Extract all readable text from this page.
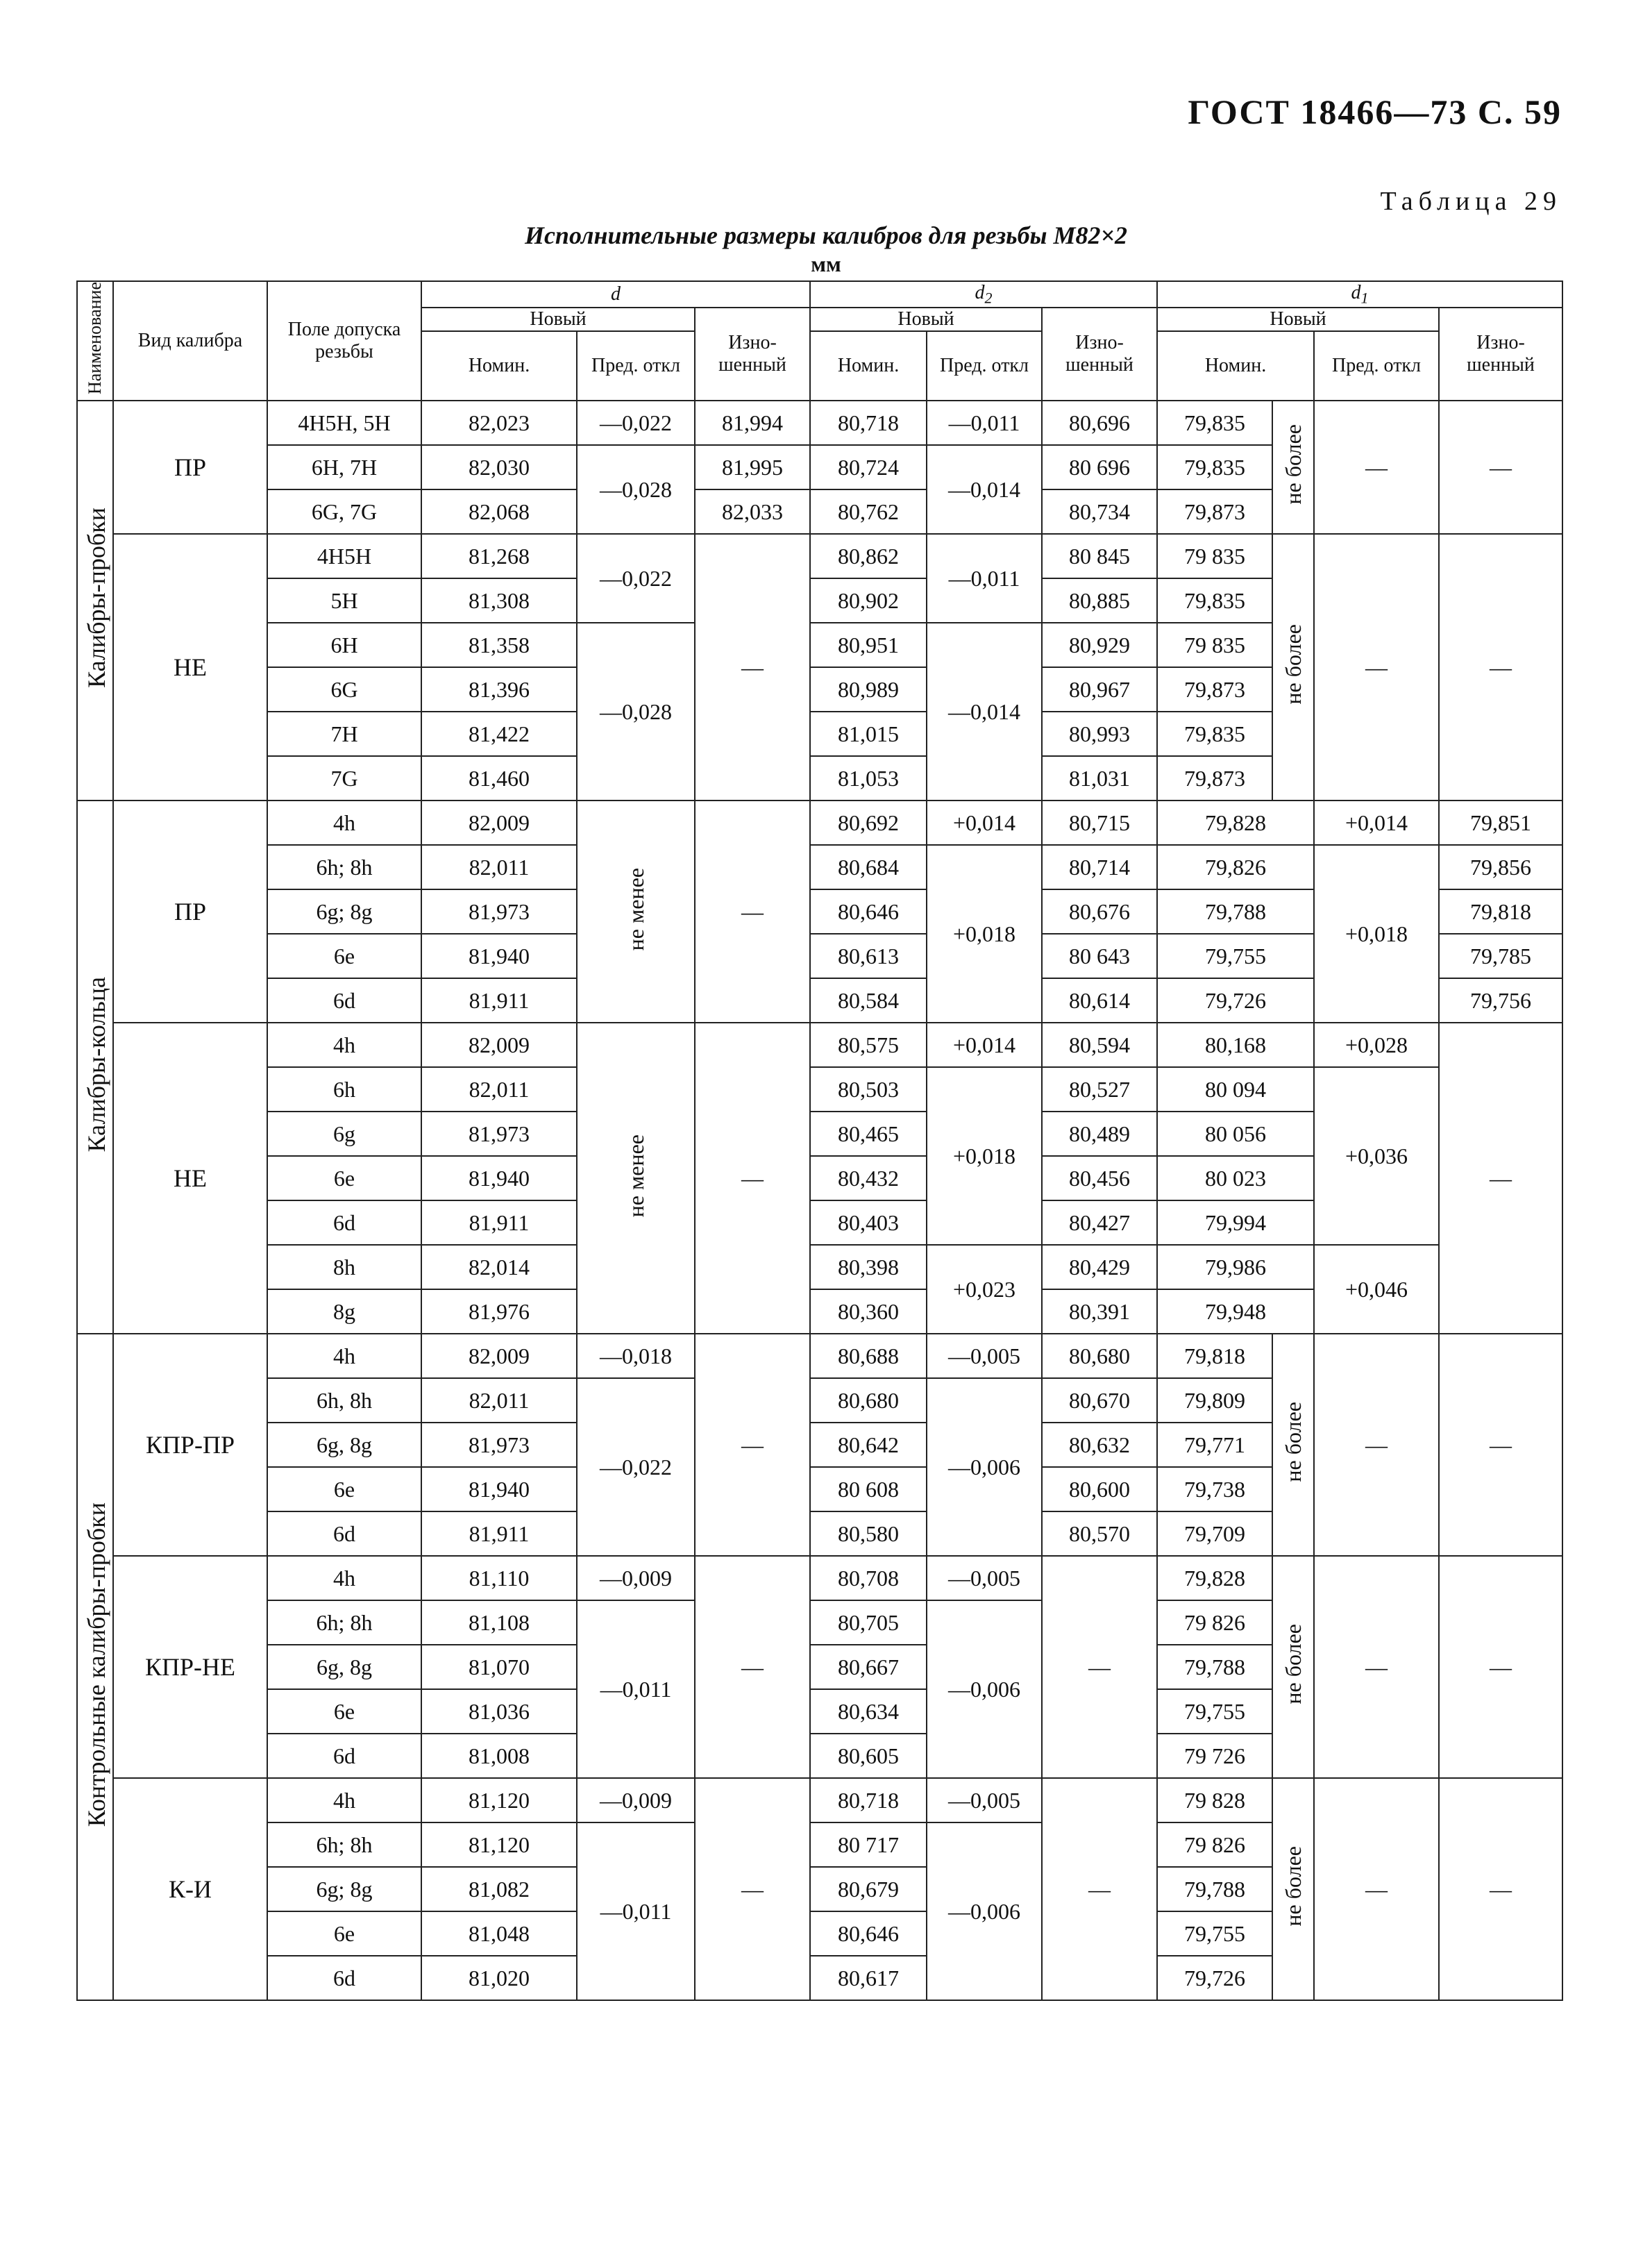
ГОСТ 18466—73 С. 59
Таблица 29
Исполнительные размеры калибров для резьбы М82×2
мм
Наименование	Вид калибра	Поле допуска резьбы	d			$d_2$			$d_1$
			Новый		Изно-шенный	Новый		Изно-шенный	Новый			Изно-шенный
			Номин.	Пред. откл		Номин.	Пред. откл		Номин.		Пред. откл	
Калибры-пробки	ПР	4H5H, 5H	82,023	—0,022	81,994	80,718	—0,011	80,696	79,835	не более	—	—
		6H, 7H	82,030	—0,028	81,995	80,724	—0,014	80 696	79,835			
		6G, 7G	82,068		82,033	80,762		80,734	79,873			
	НЕ	4H5H	81,268	—0,022	—	80,862	—0,011	80 845	79 835	не более	—	—
		5H	81,308			80,902		80,885	79,835			
		6H	81,358	—0,028		80,951	—0,014	80,929	79 835			
		6G	81,396			80,989		80,967	79,873			
		7H	81,422			81,015		80,993	79,835			
		7G	81,460			81,053		81,031	79,873			
Калибры-кольца	ПР	4h	82,009	не менее	—	80,692	+0,014	80,715	79,828		+0,014	79,851
		6h; 8h	82,011			80,684	+0,018	80,714	79,826		+0,018	79,856
		6g; 8g	81,973			80,646		80,676	79,788			79,818
		6e	81,940			80,613		80 643	79,755			79,785
		6d	81,911			80,584		80,614	79,726			79,756
	НЕ	4h	82,009	не менее	—	80,575	+0,014	80,594	80,168		+0,028	—
		6h	82,011			80,503	+0,018	80,527	80 094		+0,036	
		6g	81,973			80,465		80,489	80 056			
		6e	81,940			80,432		80,456	80 023			
		6d	81,911			80,403		80,427	79,994			
		8h	82,014			80,398	+0,023	80,429	79,986		+0,046	
		8g	81,976			80,360		80,391	79,948			
Контрольные калибры-пробки	КПР-ПР	4h	82,009	—0,018	—	80,688	—0,005	80,680	79,818	не более	—	—
		6h, 8h	82,011	—0,022		80,680	—0,006	80,670	79,809			
		6g, 8g	81,973			80,642		80,632	79,771			
		6e	81,940			80 608		80,600	79,738			
		6d	81,911			80,580		80,570	79,709			
	КПР-НЕ	4h	81,110	—0,009	—	80,708	—0,005	—	79,828	не более	—	—
		6h; 8h	81,108	—0,011		80,705	—0,006		79 826			
		6g, 8g	81,070			80,667			79,788			
		6e	81,036			80,634			79,755			
		6d	81,008			80,605			79 726			
	К-И	4h	81,120	—0,009	—	80,718	—0,005	—	79 828	не более	—	—
		6h; 8h	81,120	—0,011		80 717	—0,006		79 826			
		6g; 8g	81,082			80,679			79,788			
		6e	81,048			80,646			79,755			
		6d	81,020			80,617			79,726			
